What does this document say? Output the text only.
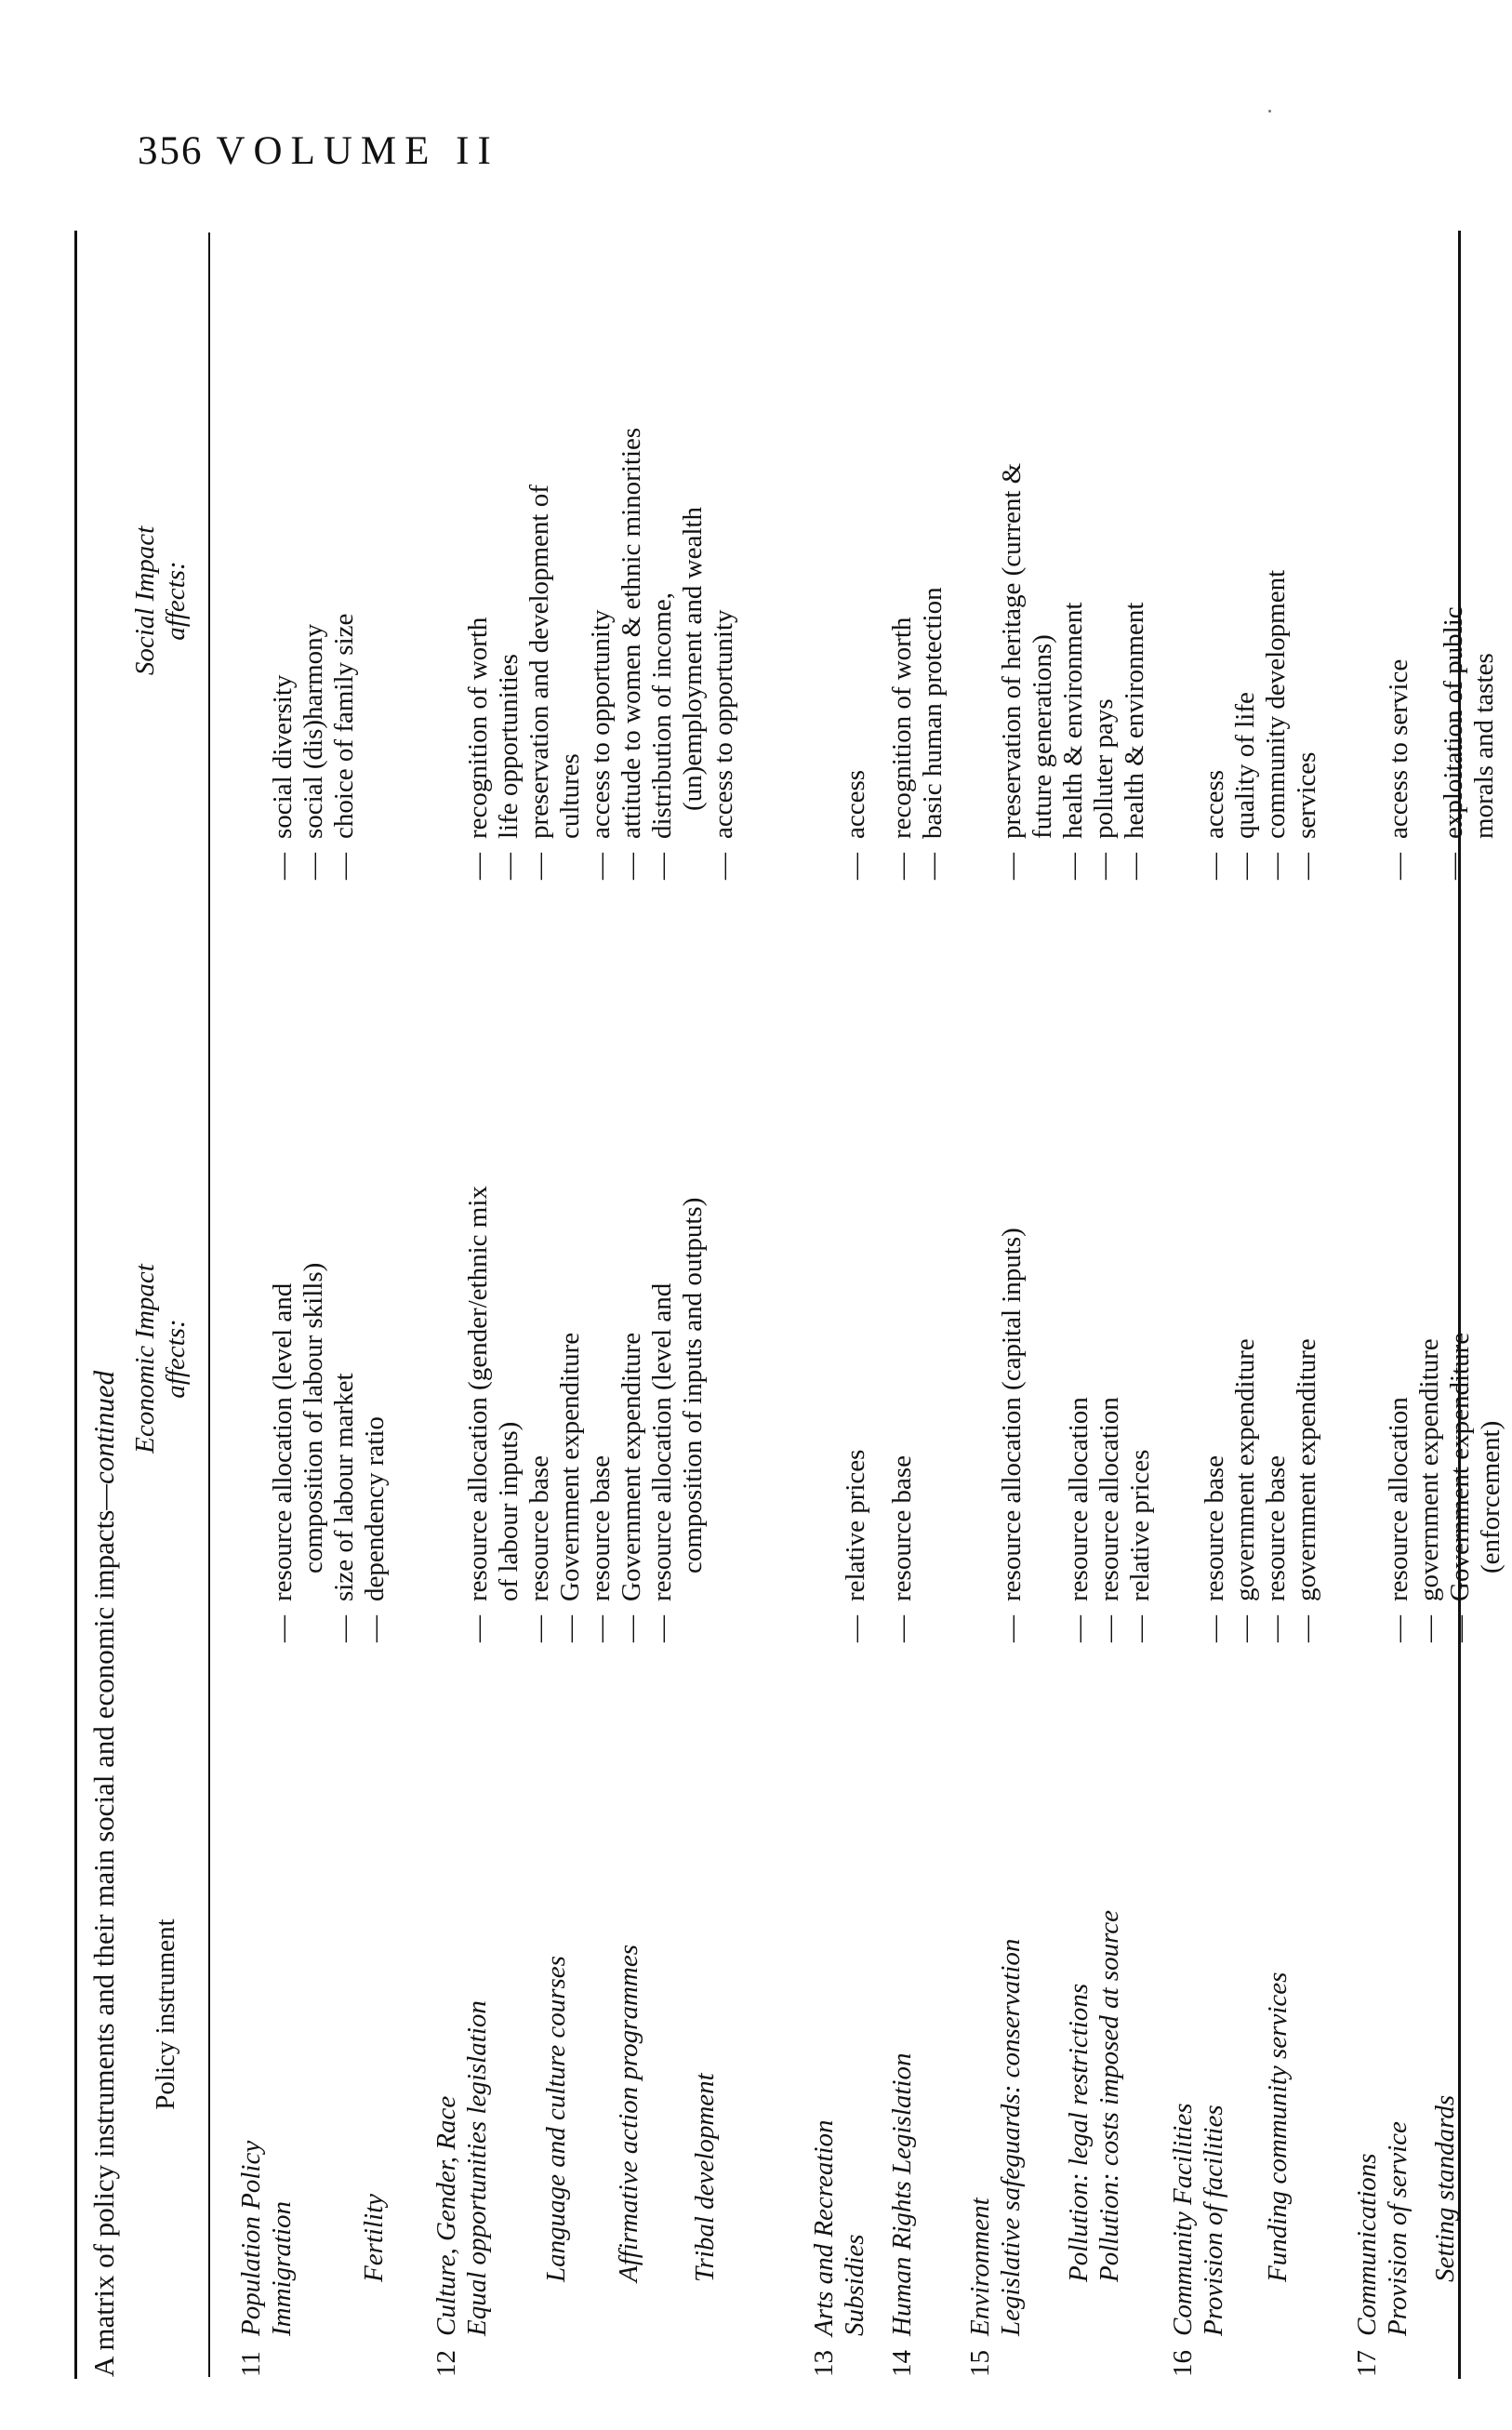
356 VOLUME II
A matrix of policy instruments and their main social and economic impacts—continued
Policy instrument
Economic Impact affects:
Social Impact affects:
11Population Policy Immigration Fertility
—resource allocation (level and composition of labour skills)
—size of labour market
—dependency ratio
—social diversity
—social (dis)harmony
—choice of family size
12Culture, Gender, Race Equal opportunities legislation Language and culture courses Affirmative action programmes Tribal development
—resource allocation (gender/ethnic mix of labour inputs)
—resource base
—Government expenditure
—resource base
—Government expenditure
—resource allocation (level and composition of inputs and outputs)
—recognition of worth
—life opportunities
—preservation and development of cultures
—access to opportunity
—attitude to women & ethnic minorities
—distribution of income, (un)employment and wealth
—access to opportunity
13Arts and Recreation Subsidies
—relative prices
—access
14Human Rights Legislation
—resource base
—recognition of worth
—basic human protection
15Environment Legislative safeguards: conservation Pollution: legal restrictions Pollution: costs imposed at source
—resource allocation (capital inputs)
—resource allocation
—resource allocation
—relative prices
—preservation of heritage (current & future generations)
—health & environment
—polluter pays
—health & environment
16Community Facilities Provision of facilities Funding community services
—resource base
—government expenditure
—resource base
—government expenditure
—access
—quality of life
—community development
—services
17Communications Provision of service Setting standards
—resource allocation
—government expenditure
—Government expenditure (enforcement)
—access to service
—exploitation of public morals and tastes
